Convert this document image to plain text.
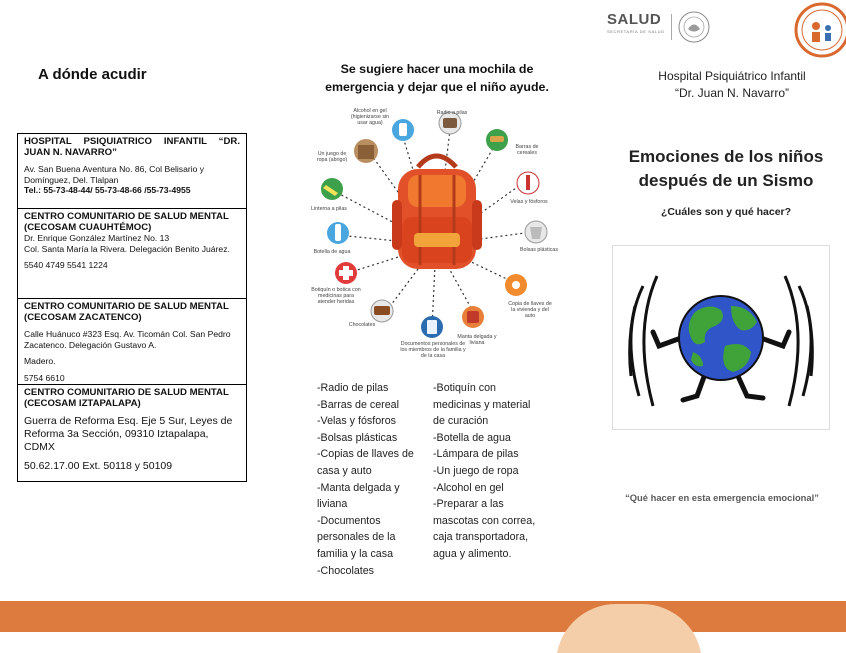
A dónde acudir
HOSPITAL PSIQUIATRICO INFANTIL “DR. JUAN N. NAVARRO”
Av. San Buena Aventura No. 86, Col Belisario y Domínguez, Del. Tlalpan
Tel.: 55-73-48-44/ 55-73-48-66 /55-73-4955
CENTRO COMUNITARIO DE SALUD MENTAL (CECOSAM CUAUHTÉMOC)
Dr. Enrique González Martínez No. 13
Col. Santa María la Rivera. Delegación Benito Juárez.
5540 4749 5541 1224
CENTRO COMUNITARIO DE SALUD MENTAL (CECOSAM ZACATENCO)
Calle Huánuco #323 Esq. Av. Ticomán Col. San Pedro Zacatenco. Delegación Gustavo A.
Madero.
5754 6610
CENTRO COMUNITARIO DE SALUD MENTAL (CECOSAM IZTAPALAPA)
Guerra de Reforma Esq. Eje 5 Sur, Leyes de Reforma 3a Sección, 09310 Iztapalapa, CDMX
50.62.17.00 Ext. 50118 y 50109
Se sugiere hacer una mochila de emergencia y dejar que el niño ayude.
Alcohol en gel (higienizarse sin usar agua)
Radio a pilas
Barras de cereales
Velas y fósforos
Bolsas plásticas
Copia de llaves de la vivienda y del auto
Manta delgada y liviana
Documentos personales de los miembros de la familia y de la casa
Chocolates
Botiquín o botica con medicinas para atender heridas
Botella de agua
Linterna a pilas
Un juego de ropa (abrigo)
-Radio de pilas
-Barras de cereal
-Velas y fósforos
-Bolsas plásticas
-Copias de llaves de
casa y auto
-Manta delgada y
liviana
-Documentos
personales de la
familia y la casa
-Chocolates
-Botiquín con
medicinas y material
de curación
-Botella de agua
-Lámpara de pilas
-Un juego de ropa
-Alcohol en gel
-Preparar a las
mascotas con correa,
caja transportadora,
agua y alimento.
SALUD
SECRETARÍA DE SALUD
Hospital Psiquiátrico Infantil
“Dr. Juan N. Navarro”
Emociones de los niños
después de un Sismo
¿Cuáles son y qué hacer?
“Qué hacer en esta emergencia emocional”
